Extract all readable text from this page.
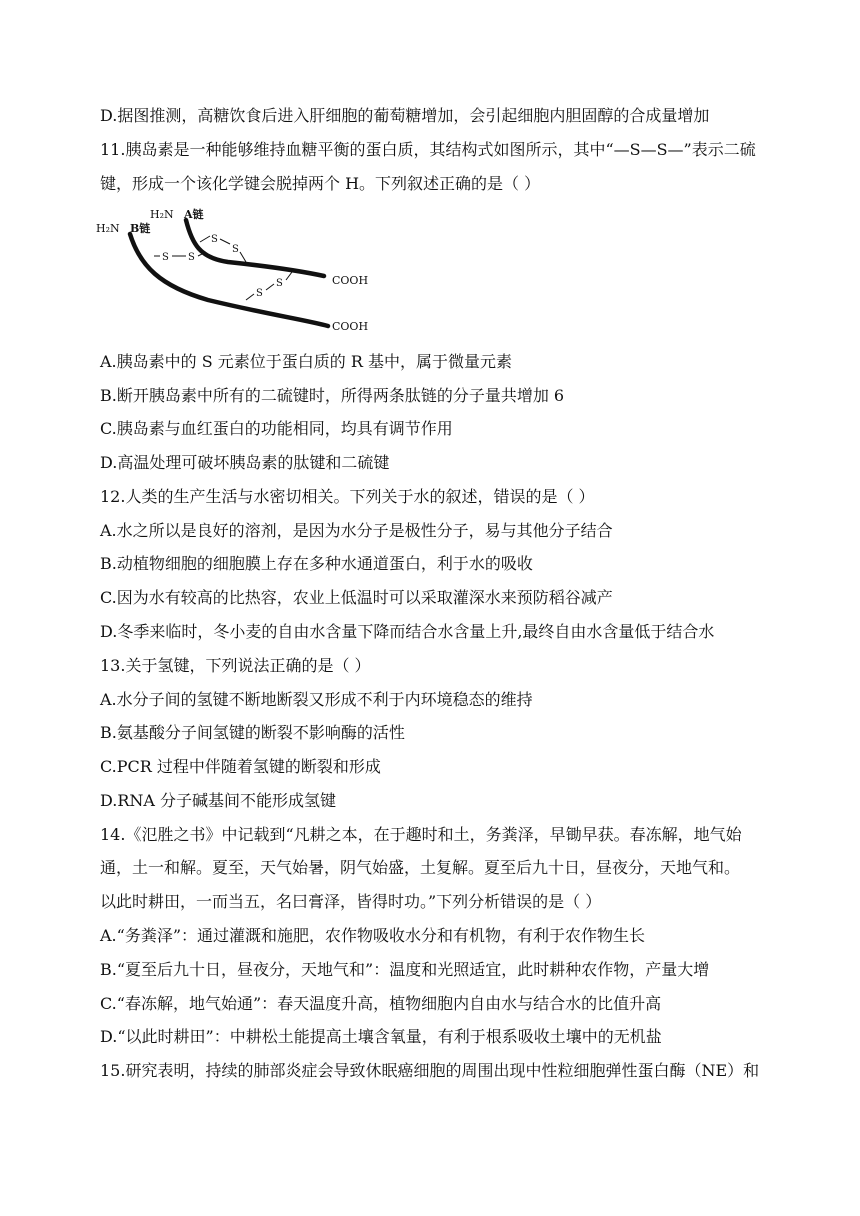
D.据图推测，高糖饮食后进入肝细胞的葡萄糖增加，会引起细胞内胆固醇的合成量增加
11.胰岛素是一种能够维持血糖平衡的蛋白质，其结构式如图所示，其中“—S—S—”表示二硫
键，形成一个该化学键会脱掉两个 H。下列叙述正确的是（ ）
S
S
S S
S
S
H₂N A链
H₂N B链
COOH
COOH
A.胰岛素中的 S 元素位于蛋白质的 R 基中，属于微量元素
B.断开胰岛素中所有的二硫键时，所得两条肽链的分子量共增加 6
C.胰岛素与血红蛋白的功能相同，均具有调节作用
D.高温处理可破坏胰岛素的肽键和二硫键
12.人类的生产生活与水密切相关。下列关于水的叙述，错误的是（ ）
A.水之所以是良好的溶剂，是因为水分子是极性分子，易与其他分子结合
B.动植物细胞的细胞膜上存在多种水通道蛋白，利于水的吸收
C.因为水有较高的比热容，农业上低温时可以采取灌深水来预防稻谷减产
D.冬季来临时，冬小麦的自由水含量下降而结合水含量上升,最终自由水含量低于结合水
13.关于氢键，下列说法正确的是（ ）
A.水分子间的氢键不断地断裂又形成不利于内环境稳态的维持
B.氨基酸分子间氢键的断裂不影响酶的活性
C.PCR 过程中伴随着氢键的断裂和形成
D.RNA 分子碱基间不能形成氢键
14.《氾胜之书》中记载到“凡耕之本，在于趣时和土，务粪泽，早锄早获。春冻解，地气始
通，土一和解。夏至，天气始暑，阴气始盛，土复解。夏至后九十日，昼夜分，天地气和。
以此时耕田，一而当五，名曰膏泽，皆得时功。”下列分析错误的是（ ）
A.“务粪泽”：通过灌溉和施肥，农作物吸收水分和有机物，有利于农作物生长
B.“夏至后九十日，昼夜分，天地气和”：温度和光照适宜，此时耕种农作物，产量大增
C.“春冻解，地气始通”：春天温度升高，植物细胞内自由水与结合水的比值升高
D.“以此时耕田”：中耕松土能提高土壤含氧量，有利于根系吸收土壤中的无机盐
15.研究表明，持续的肺部炎症会导致休眠癌细胞的周围出现中性粒细胞弹性蛋白酶（NE）和
